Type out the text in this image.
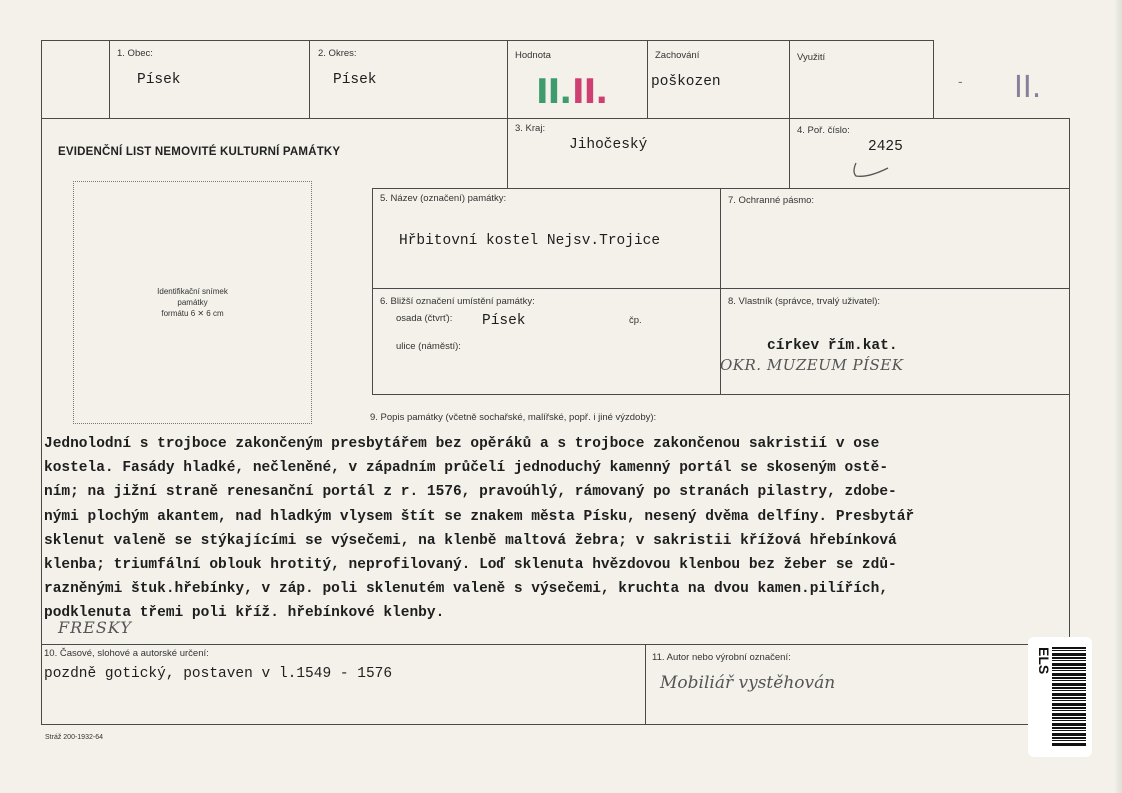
1. Obec:
Písek
2. Okres:
Písek
Hodnota
II. II.
Zachování
poškozen
Využití
- II.
EVIDENČNÍ LIST NEMOVITÉ KULTURNÍ PAMÁTKY
3. Kraj:
Jihočeský
4. Poř. číslo:
2425
Identifikační snímek
památky
formátu 6 ✕ 6 cm
5. Název (označení) památky:
Hřbitovní kostel Nejsv.Trojice
7. Ochranné pásmo:
6. Bližší označení umístění památky:
osada (čtvrť): Písek	čp.
ulice (náměstí):
8. Vlastník (správce, trvalý uživatel):
církev řím.kat.
OKR. MUZEUM PÍSEK
9. Popis památky (včetně sochařské, malířské, popř. i jiné výzdoby):
Jednolodní s trojboce zakončeným presbytářem bez opěráků a s trojboce zakončenou sakristií v ose
kostela. Fasády hladké, nečleněné, v západním průčelí jednoduchý kamenný portál se skoseným ostě-
ním; na jižní straně renesanční portál z r. 1576, pravoúhlý, rámovaný po stranách pilastry, zdobe-
nými plochým akantem, nad hladkým vlysem štít se znakem města Písku, nesený dvěma delfíny. Presbytář
sklenut valeně se stýkajícími se výsečemi, na klenbě maltová žebra; v sakristii křížová hřebínková
klenba; triumfální oblouk hrotitý, neprofilovaný. Loď sklenuta hvězdovou klenbou bez žeber se zdů-
razněnými štuk.hřebínky, v záp. poli sklenutém valeně s výsečemi, kruchta na dvou kamen.pilířích,
podklenuta třemi poli kříž. hřebínkové klenby.
FRESKY
10. Časové, slohové a autorské určení:
pozdně gotický, postaven v l.1549 - 1576
11. Autor nebo výrobní označení:
Mobiliář vystěhován
Stráž 200-1932-64
ELS
